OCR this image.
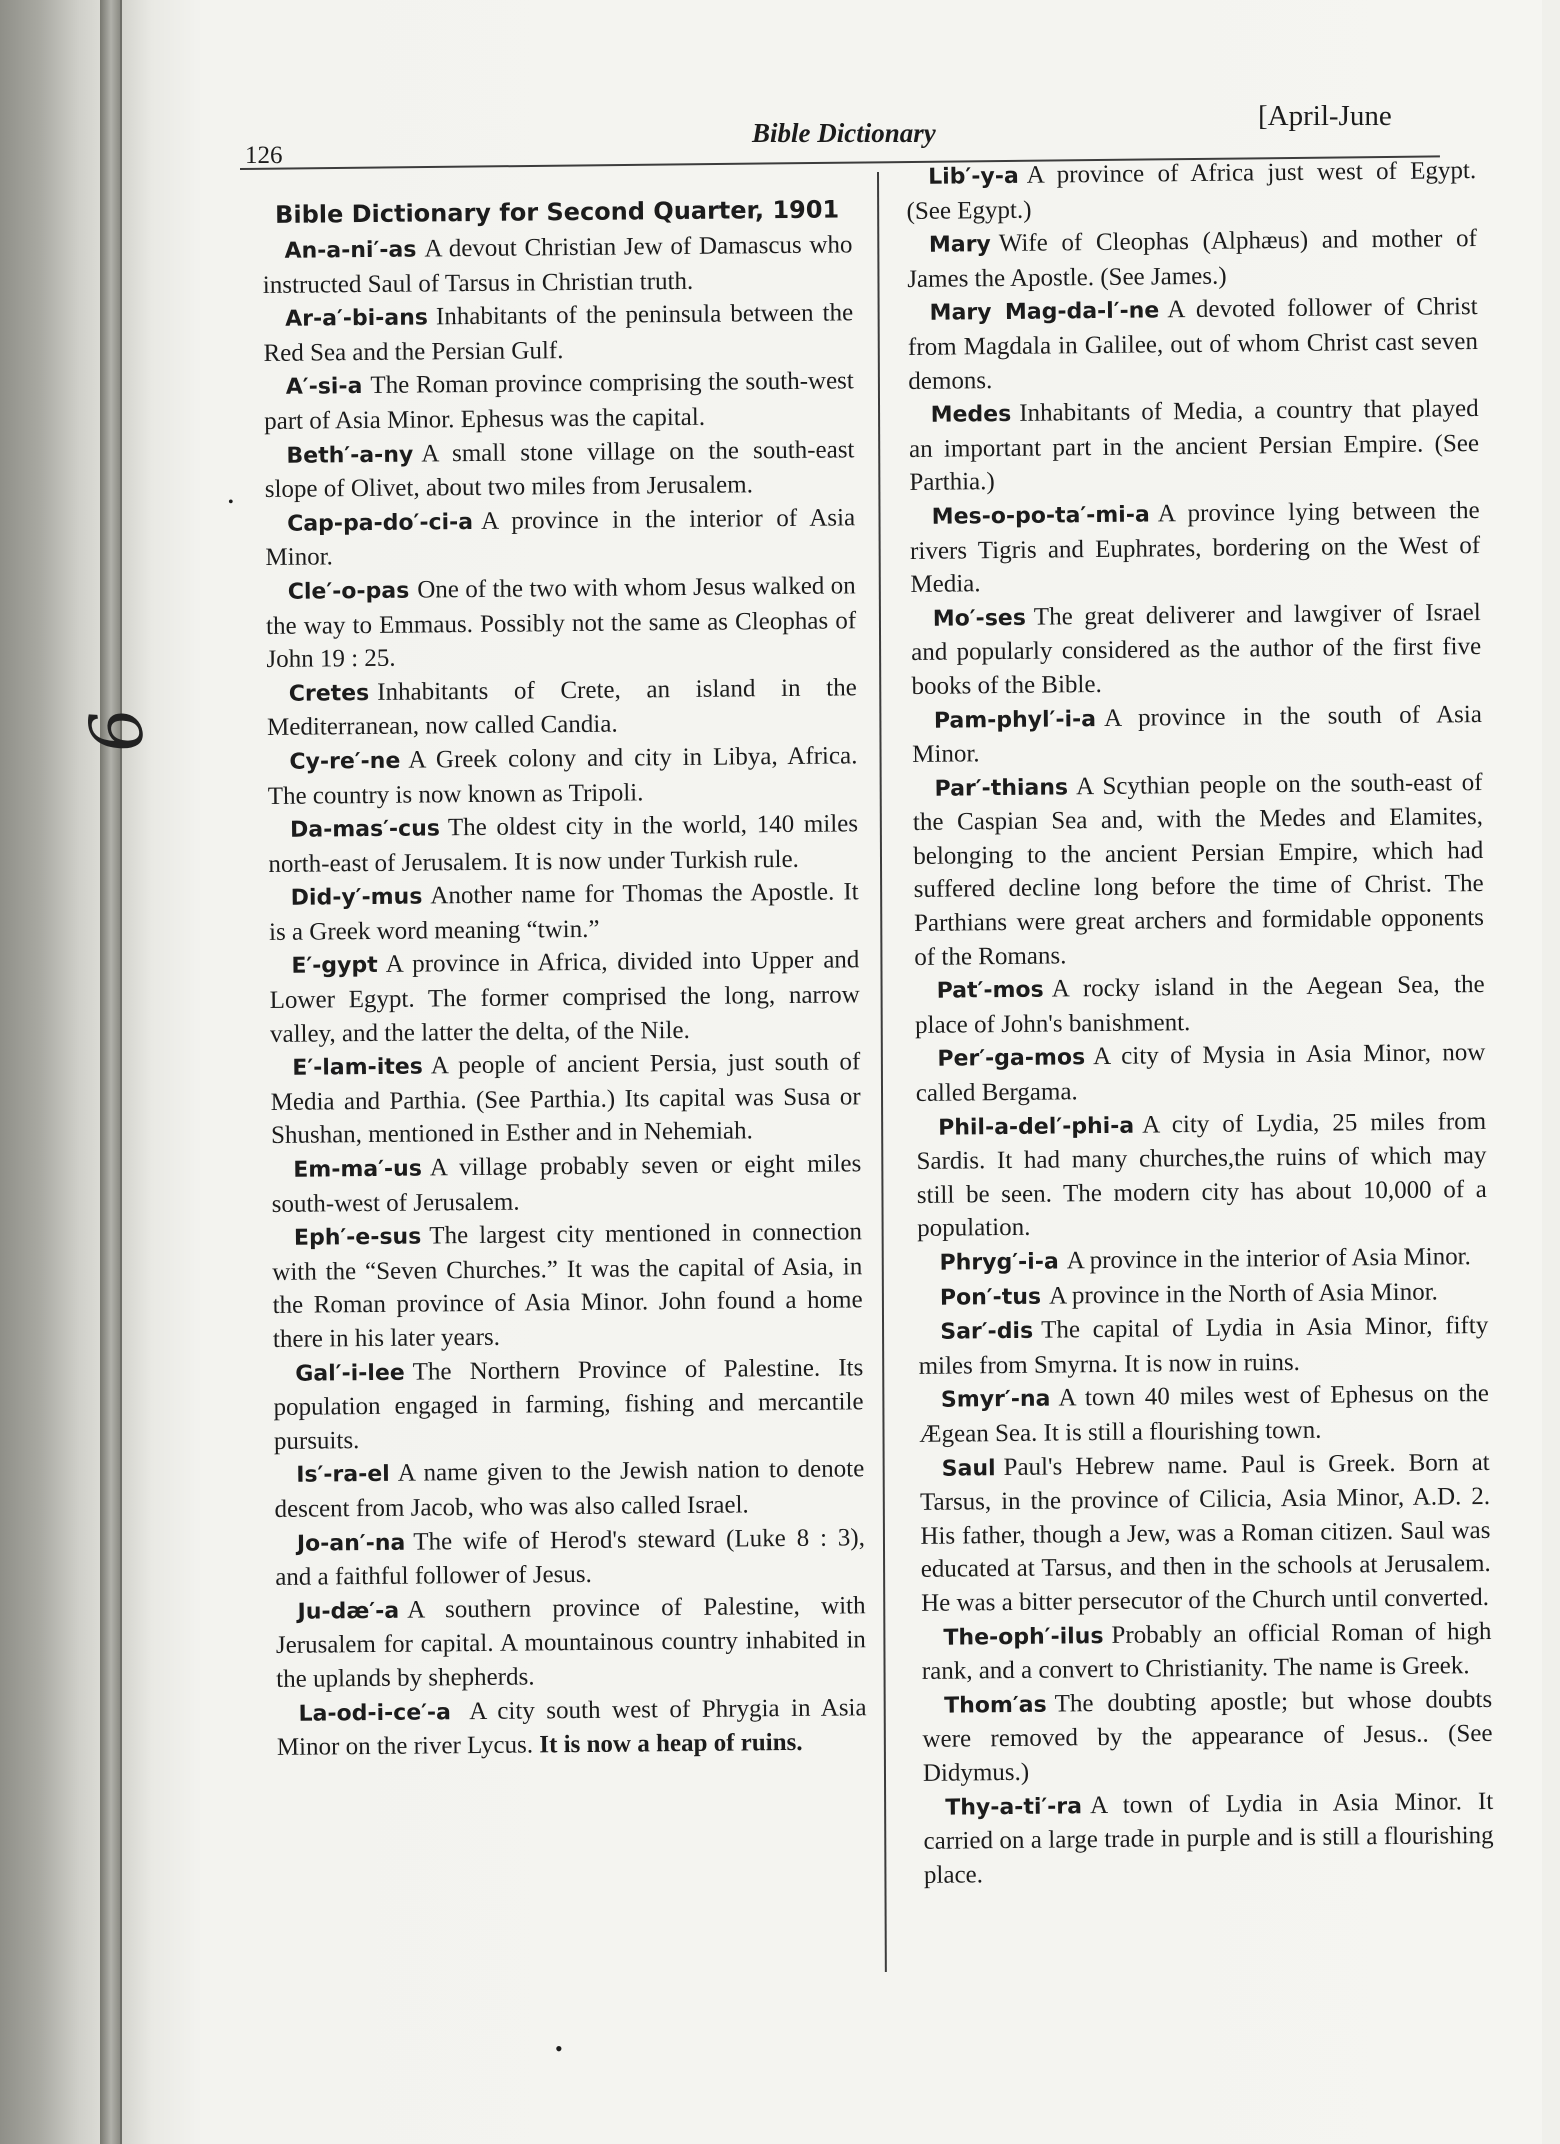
126
Bible Dictionary
[April-June
9
•
•
Bible Dictionary for Second Quarter, 1901

An-a-ni′-as A devout Christian Jew of Damascus who instructed Saul of Tarsus in Christian truth.

Ar-a′-bi-ans Inhabitants of the peninsula between the Red Sea and the Persian Gulf.

A′-si-a The Roman province comprising the south-west part of Asia Minor. Ephesus was the capital.

Beth′-a-ny A small stone village on the south-east slope of Olivet, about two miles from Jerusalem.

Cap-pa-do′-ci-a A province in the interior of Asia Minor.

Cle′-o-pas One of the two with whom Jesus walked on the way to Emmaus. Possibly not the same as Cleophas of John 19 : 25.

Cretes Inhabitants of Crete, an island in the Mediterranean, now called Candia.

Cy-re′-ne A Greek colony and city in Libya, Africa. The country is now known as Tripoli.

Da-mas′-cus The oldest city in the world, 140 miles north-east of Jerusalem. It is now under Turkish rule.

Did-y′-mus Another name for Thomas the Apostle. It is a Greek word meaning “twin.”

E′-gypt A province in Africa, divided into Upper and Lower Egypt. The former comprised the long, narrow valley, and the latter the delta, of the Nile.

E′-lam-ites A people of ancient Persia, just south of Media and Parthia. (See Parthia.) Its capital was Susa or Shushan, mentioned in Esther and in Nehemiah.

Em-ma′-us A village probably seven or eight miles south-west of Jerusalem.

Eph′-e-sus The largest city mentioned in connection with the “Seven Churches.” It was the capital of Asia, in the Roman province of Asia Minor. John found a home there in his later years.

Gal′-i-lee The Northern Province of Palestine. Its population engaged in farming, fishing and mercantile pursuits.

Is′-ra-el A name given to the Jewish nation to denote descent from Jacob, who was also called Israel.

Jo-an′-na The wife of Herod's steward (Luke 8 : 3), and a faithful follower of Jesus.

Ju-dæ′-a A southern province of Palestine, with Jerusalem for capital. A mountainous country inhabited in the uplands by shepherds.

La-od-i-ce′-a A city south west of Phrygia in Asia Minor on the river Lycus. It is now a heap of ruins.

Lib′-y-a A province of Africa just west of Egypt. (See Egypt.)

Mary Wife of Cleophas (Alphæus) and mother of James the Apostle. (See James.)

Mary Mag-da-l′-ne A devoted follower of Christ from Magdala in Galilee, out of whom Christ cast seven demons.

Medes Inhabitants of Media, a country that played an important part in the ancient Persian Empire. (See Parthia.)

Mes-o-po-ta′-mi-a A province lying between the rivers Tigris and Euphrates, bordering on the West of Media.

Mo′-ses The great deliverer and lawgiver of Israel and popularly considered as the author of the first five books of the Bible.

Pam-phyl′-i-a A province in the south of Asia Minor.

Par′-thians A Scythian people on the south-east of the Caspian Sea and, with the Medes and Elamites, belonging to the ancient Persian Empire, which had suffered decline long before the time of Christ. The Parthians were great archers and formidable opponents of the Romans.

Pat′-mos A rocky island in the Aegean Sea, the place of John's banishment.

Per′-ga-mos A city of Mysia in Asia Minor, now called Bergama.

Phil-a-del′-phi-a A city of Lydia, 25 miles from Sardis. It had many churches,the ruins of which may still be seen. The modern city has about 10,000 of a population.

Phryg′-i-a A province in the interior of Asia Minor.

Pon′-tus A province in the North of Asia Minor.

Sar′-dis The capital of Lydia in Asia Minor, fifty miles from Smyrna. It is now in ruins.

Smyr′-na A town 40 miles west of Ephesus on the Ægean Sea. It is still a flourishing town.

Saul Paul's Hebrew name. Paul is Greek. Born at Tarsus, in the province of Cilicia, Asia Minor, A.D. 2. His father, though a Jew, was a Roman citizen. Saul was educated at Tarsus, and then in the schools at Jerusalem. He was a bitter persecutor of the Church until converted.

The-oph′-ilus Probably an official Roman of high rank, and a convert to Christianity. The name is Greek.

Thom′as The doubting apostle; but whose doubts were removed by the appearance of Jesus.. (See Didymus.)

Thy-a-ti′-ra A town of Lydia in Asia Minor. It carried on a large trade in purple and is still a flourishing place.
